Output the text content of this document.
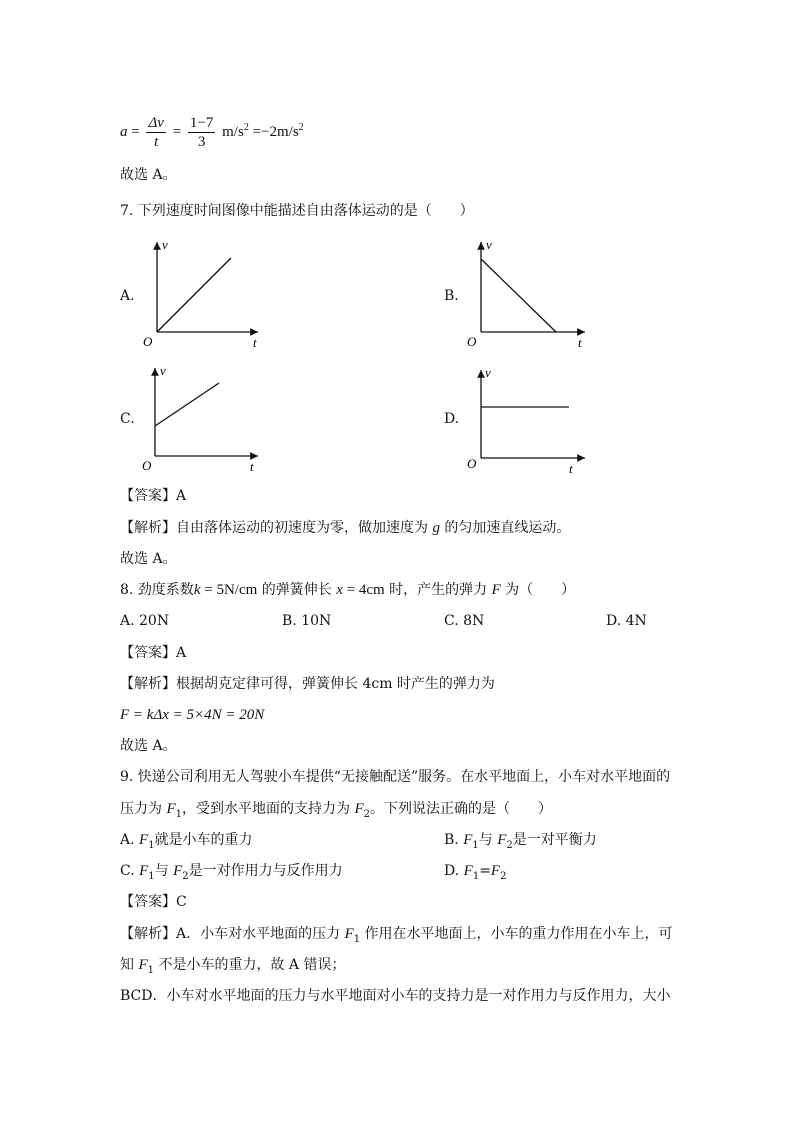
$a = \frac{\Delta v}{t} = \frac{1-7}{3} m/s^2 =-2m/s^2$
故选 A。
7. 下列速度时间图像中能描述自由落体运动的是（　　）
A.
v
t
O
B.
v
t
O
C.
v
t
O
D.
v
t
O
【答案】A
【解析】自由落体运动的初速度为零，做加速度为 g 的匀加速直线运动。
故选 A。
8. 劲度系数k = 5N/cm 的弹簧伸长 x = 4cm 时，产生的弹力 F 为（　　）
A. 20N	B. 10N	C. 8N	D. 4N
【答案】A
【解析】根据胡克定律可得，弹簧伸长 4cm 时产生的弹力为
F = kΔx = 5×4N = 20N
故选 A。
9. 快递公司利用无人驾驶小车提供“无接触配送”服务。在水平地面上，小车对水平地面的
压力为 $F_1$，受到水平地面的支持力为 $F_2$。下列说法正确的是（　　）
A. $F_1$就是小车的重力	B. $F_1$与 $F_2$是一对平衡力
C. $F_1$与 $F_2$是一对作用力与反作用力	D. $F_1=F_2$
【答案】C
【解析】A．小车对水平地面的压力 $F_1$ 作用在水平地面上，小车的重力作用在小车上，可
知 $F_1$ 不是小车的重力，故 A 错误；
BCD．小车对水平地面的压力与水平地面对小车的支持力是一对作用力与反作用力，大小
